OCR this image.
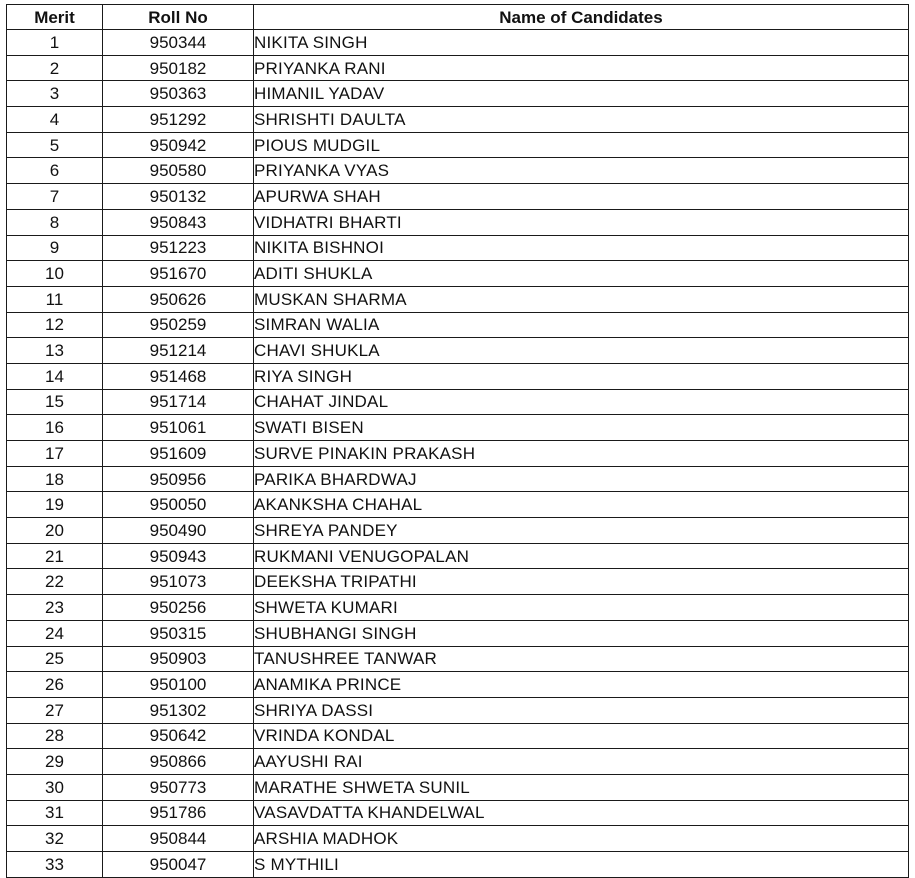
Merit	Roll No	Name of Candidates
1	950344	NIKITA SINGH
2	950182	PRIYANKA RANI
3	950363	HIMANIL YADAV
4	951292	SHRISHTI DAULTA
5	950942	PIOUS MUDGIL
6	950580	PRIYANKA VYAS
7	950132	APURWA SHAH
8	950843	VIDHATRI BHARTI
9	951223	NIKITA BISHNOI
10	951670	ADITI SHUKLA
11	950626	MUSKAN SHARMA
12	950259	SIMRAN WALIA
13	951214	CHAVI SHUKLA
14	951468	RIYA SINGH
15	951714	CHAHAT JINDAL
16	951061	SWATI BISEN
17	951609	SURVE PINAKIN PRAKASH
18	950956	PARIKA BHARDWAJ
19	950050	AKANKSHA CHAHAL
20	950490	SHREYA PANDEY
21	950943	RUKMANI VENUGOPALAN
22	951073	DEEKSHA TRIPATHI
23	950256	SHWETA KUMARI
24	950315	SHUBHANGI SINGH
25	950903	TANUSHREE TANWAR
26	950100	ANAMIKA PRINCE
27	951302	SHRIYA DASSI
28	950642	VRINDA KONDAL
29	950866	AAYUSHI RAI
30	950773	MARATHE SHWETA SUNIL
31	951786	VASAVDATTA KHANDELWAL
32	950844	ARSHIA MADHOK
33	950047	S MYTHILI
